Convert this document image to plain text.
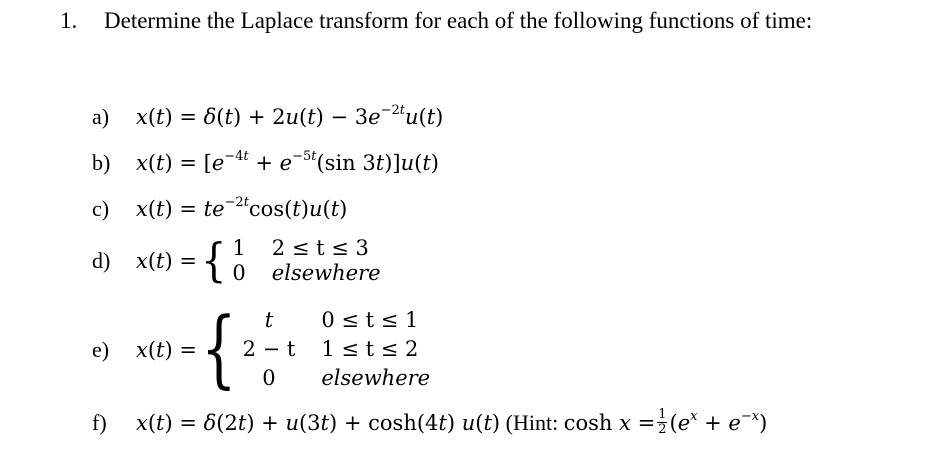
1. Determine the Laplace transform for each of the following functions of time:
a) $x(t) = \delta(t) + 2u(t) - 3e^{-2t}u(t)$
b) $x(t) = [e^{-4t} + e^{-5t}(\sin$ 3t)]u(t)
c) $x(t) = te^{-2t}\cos(t)u(t)$
d)	x(t) = { 1 2 ≤ t ≤ 3
0 elsewhere
e)	x(t) = {	t	0 ≤ t ≤ 1
2 − t 1 ≤ t ≤ 2
0	elsewhere
f) x(t) = δ(2t) + u(3t) + cosh(4t) u(t) (Hint: $\cosh x = \frac{1}{2} (e^x + e^{-x})$
